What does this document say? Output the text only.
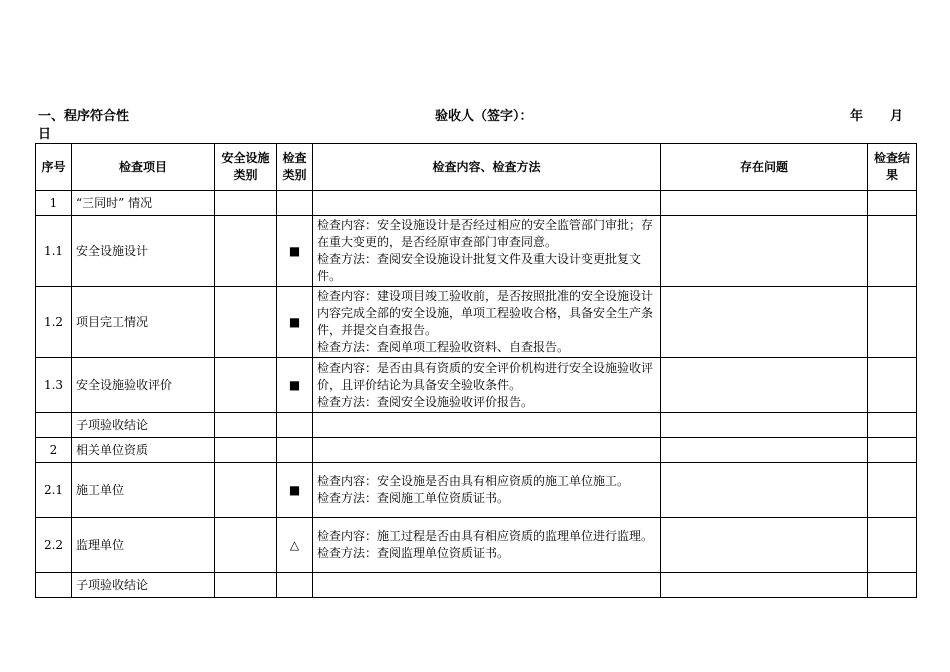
一、程序符合性	验收人（签字）：	年 月
日
序号	检查项目	安全设施类别	检查类别	检查内容、检查方法	存在问题	检查结果
1	“三同时” 情况					
1.1	安全设施设计		■	检查内容：安全设施设计是否经过相应的安全监管部门审批；存在重大变更的，是否经原审查部门审查同意。
检查方法：查阅安全设施设计批复文件及重大设计变更批复文件。		

1.2	项目完工情况		■	检查内容：建设项目竣工验收前，是否按照批准的安全设施设计内容完成全部的安全设施，单项工程验收合格，具备安全生产条件，并提交自查报告。
检查方法：查阅单项工程验收资料、自查报告。		

1.3	安全设施验收评价		■	检查内容：是否由具有资质的安全评价机构进行安全设施验收评价，且评价结论为具备安全验收条件。
检查方法：查阅安全设施验收评价报告。		

	子项验收结论					
2	相关单位资质					
2.1	施工单位		■	检查内容：安全设施是否由具有相应资质的施工单位施工。
检查方法：查阅施工单位资质证书。		

2.2	监理单位		△	检查内容：施工过程是否由具有相应资质的监理单位进行监理。
检查方法：查阅监理单位资质证书。		

	子项验收结论					
